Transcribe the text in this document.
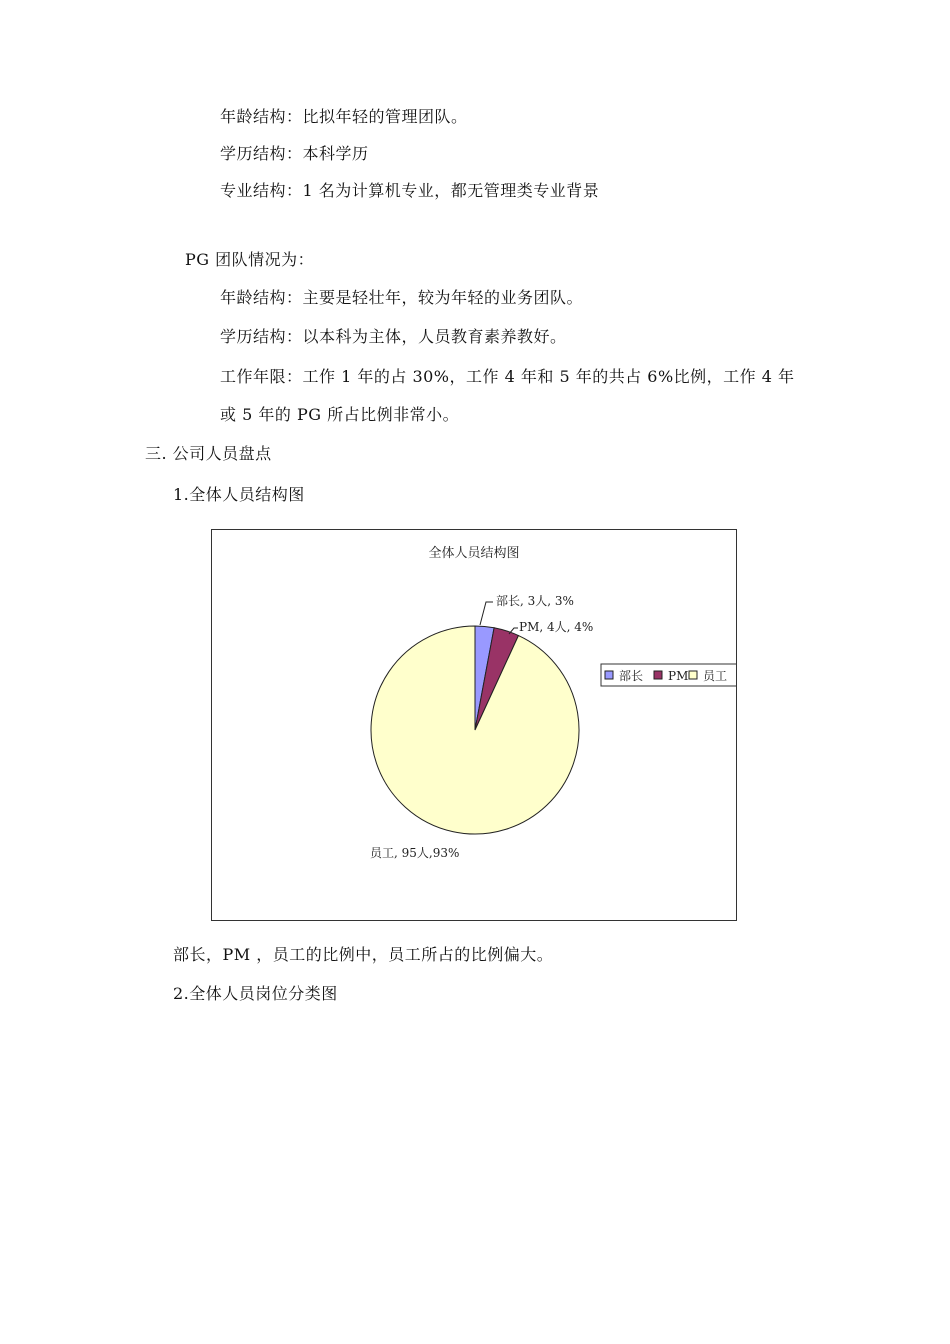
年龄结构：比拟年轻的管理团队。
学历结构：本科学历
专业结构：1 名为计算机专业，都无管理类专业背景
PG 团队情况为：
年龄结构：主要是轻壮年，较为年轻的业务团队。
学历结构：以本科为主体，人员教育素养教好。
工作年限：工作 1 年的占 30%，工作 4 年和 5 年的共占 6%比例，工作 4 年
或 5 年的 PG 所占比例非常小。
三. 公司人员盘点
1.全体人员结构图
全体人员结构图
部长, 3人, 3%
PM, 4人, 4%
员工, 95人,93%
部长 PM 员工
部长，PM ，员工的比例中，员工所占的比例偏大。
2.全体人员岗位分类图
